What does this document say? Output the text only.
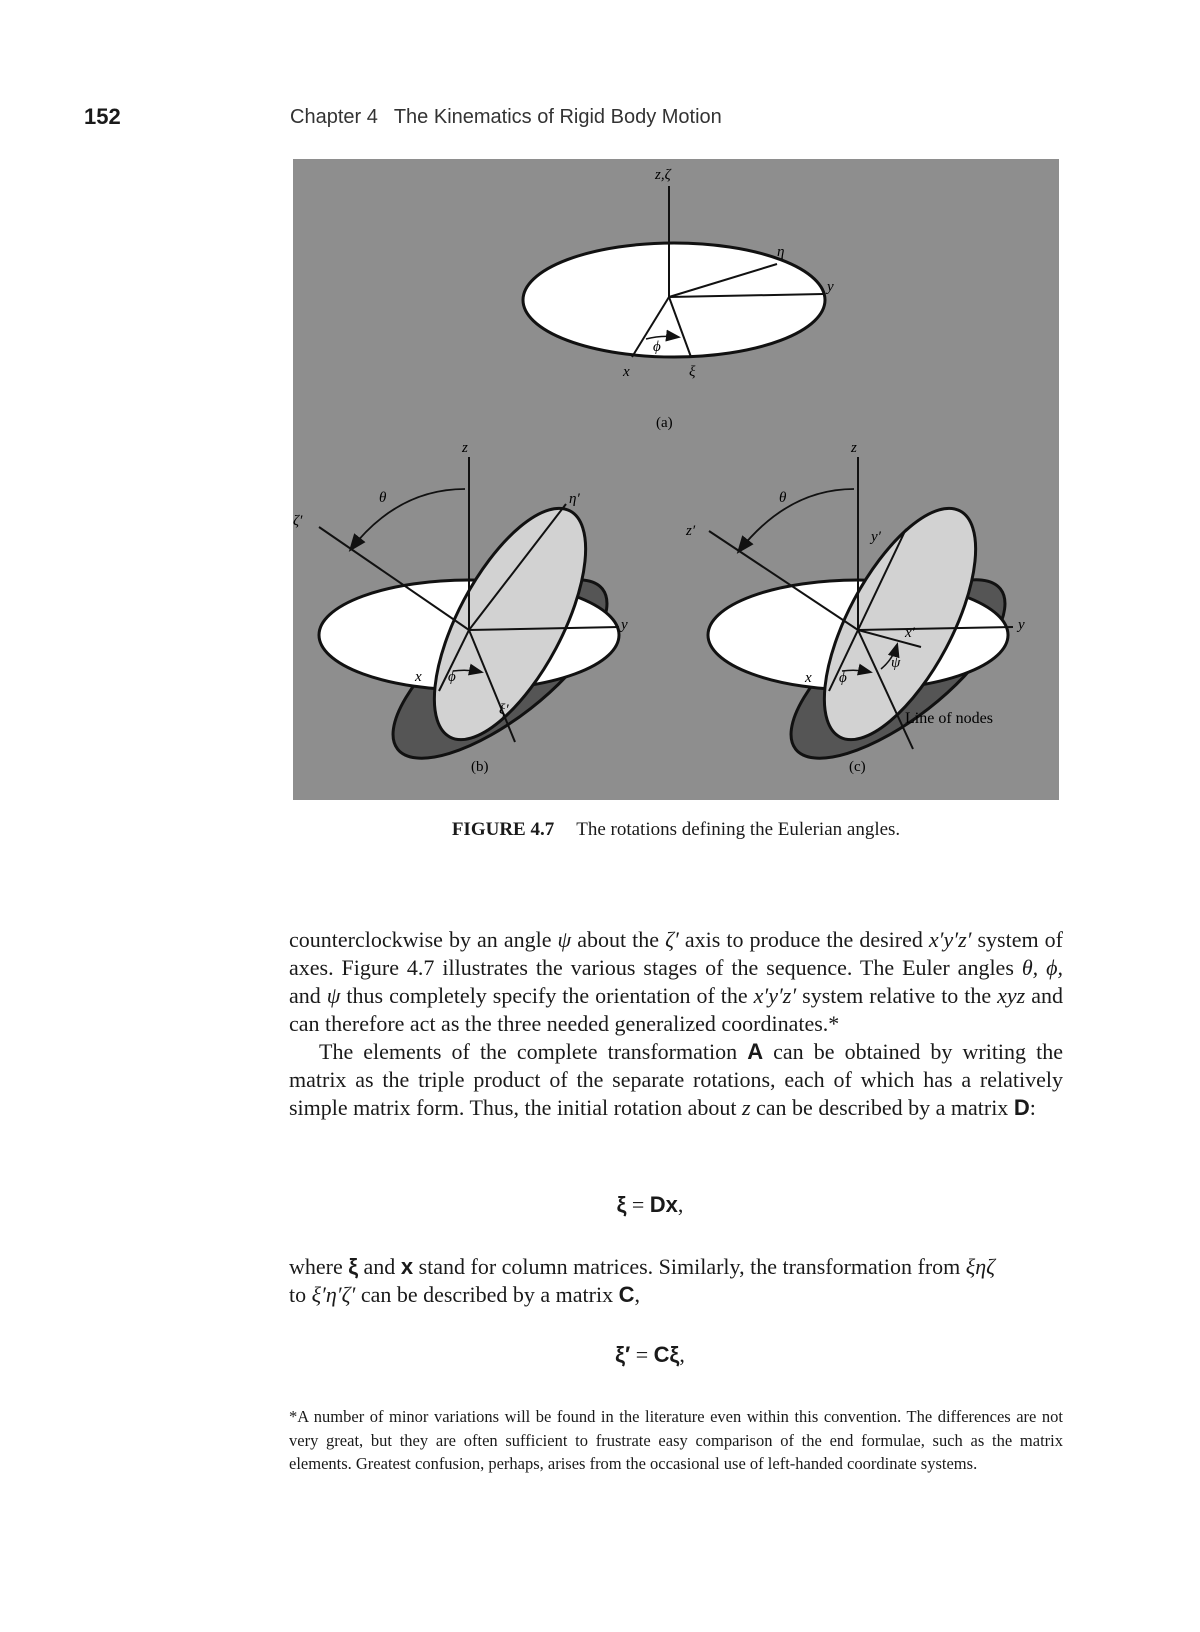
152	Chapter 4 The Kinematics of Rigid Body Motion
z,ζ
η
y
ϕ
x	ξ
(a)
z
θ
ζ′
η′
y
x ϕ
ξ′
(b)
z
θ
z′	y′
y
x′
ψ
x ϕ
Line of nodes
(c)
FIGURE 4.7 The rotations defining the Eulerian angles.

counterclockwise by an angle ψ about the ζ′ axis to produce the desired x′y′z′ system of axes. Figure 4.7 illustrates the various stages of the sequence. The Euler angles θ, ϕ, and ψ thus completely specify the orientation of the x′y′z′ system relative to the xyz and can therefore act as the three needed generalized coordinates.*

The elements of the complete transformation A can be obtained by writing the matrix as the triple product of the separate rotations, each of which has a relatively simple matrix form. Thus, the initial rotation about z can be described by a matrix D:

ξ = Dx,

where ξ and x stand for column matrices. Similarly, the transformation from ξηζ
to ξ′η′ζ′ can be described by a matrix C,

ξ′ = Cξ,
*A number of minor variations will be found in the literature even within this convention. The differences are not very great, but they are often sufficient to frustrate easy comparison of the end formulae, such as the matrix elements. Greatest confusion, perhaps, arises from the occasional use of left-handed coordinate systems.
